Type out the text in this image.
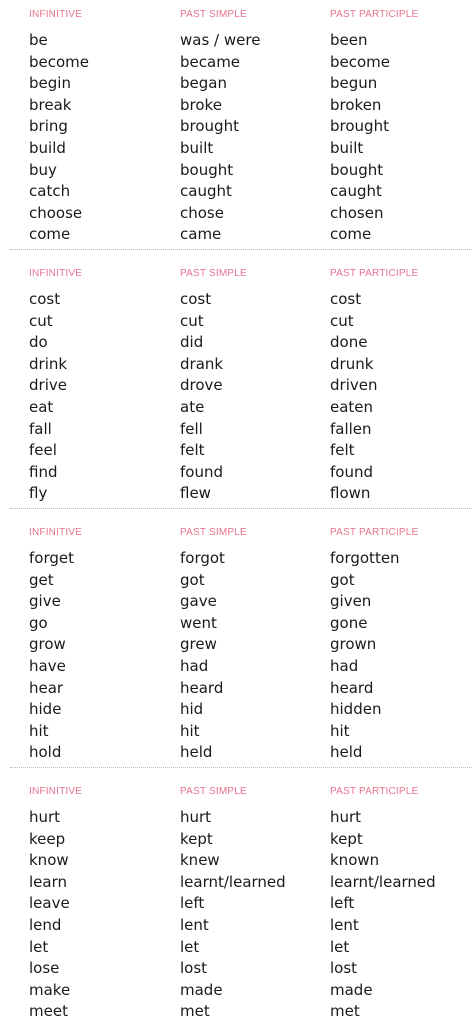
INFINITIVE	PAST SIMPLE	PAST PARTICIPLE
be	was / were	been
become	became	become
begin	began	begun
break	broke	broken
bring	brought	brought
build	built	built
buy	bought	bought
catch	caught	caught
choose	chose	chosen
come	came	come
INFINITIVE	PAST SIMPLE	PAST PARTICIPLE
cost	cost	cost
cut	cut	cut
do	did	done
drink	drank	drunk
drive	drove	driven
eat	ate	eaten
fall	fell	fallen
feel	felt	felt
find	found	found
fly	flew	flown
INFINITIVE	PAST SIMPLE	PAST PARTICIPLE
forget	forgot	forgotten
get	got	got
give	gave	given
go	went	gone
grow	grew	grown
have	had	had
hear	heard	heard
hide	hid	hidden
hit	hit	hit
hold	held	held
INFINITIVE	PAST SIMPLE	PAST PARTICIPLE
hurt	hurt	hurt
keep	kept	kept
know	knew	known
learn	learnt/learned	learnt/learned
leave	left	left
lend	lent	lent
let	let	let
lose	lost	lost
make	made	made
meet	met	met
